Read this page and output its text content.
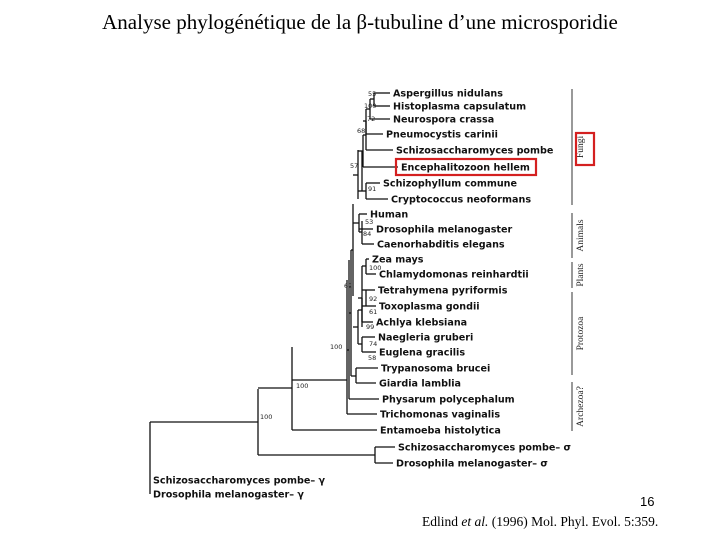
Analyse phylogénétique de la β-tubuline d’une microsporidie
Aspergillus nidulans
Histoplasma capsulatum
Neurospora crassa
Pneumocystis carinii
Schizosaccharomyces pombe
Encephalitozoon hellem
Schizophyllum commune
Cryptococcus neoformans
Human
Drosophila melanogaster
Caenorhabditis elegans
Zea mays
Chlamydomonas reinhardtii
Tetrahymena pyriformis
Toxoplasma gondii
Achlya klebsiana
Naegleria gruberi
Euglena gracilis
Trypanosoma brucei
Giardia lamblia
Physarum polycephalum
Trichomonas vaginalis
Entamoeba histolytica
Schizosaccharomyces pombe– σ
Drosophila melanogaster– σ
Schizosaccharomyces pombe– γ
Drosophila melanogaster– γ
55
100
72
68
57
91
53
84
100
92
61
99
74
58
62
100
100
100
Fungi
Animals
Plants
Protozoa
Archezoa?
16
Edlind et al. (1996) Mol. Phyl. Evol. 5:359.
